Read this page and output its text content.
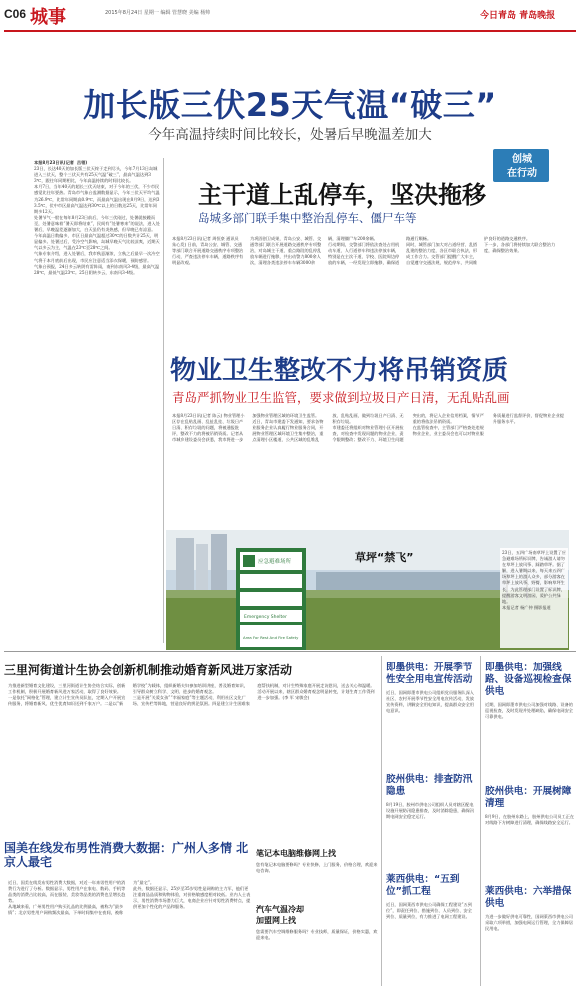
C06 城事	2015年8月24日 星期一 编辑 管慧晓 美编 杨帅	今日青岛 青岛晚报
加长版三伏25天气温“破三”
今年高温持续时间比较长，处暑后早晚温差加大
本报8月23日讯(记者  吕翎)
23日，长达40天的加长版三伏天终于走到尽头，今年7月13日岛城进入三伏天，整个三伏天共有25天气温“破三”，最高气温达到33℃，跟往年同期相比，今年高温持续的时间比较长。
本月7日，当年40天的超长三伏天结束，对于今年的三伏，不少市民感觉比往年要热。青岛市气象台监测数据显示，今年三伏天平均气温为26.9℃，比常年同期高0.9℃，而最高气温出现在8月9日，达到33.5℃，伏中市区最高气温达到30℃以上的日数达25天，比常年同期多12天。
处暑节气一般在每年8月23日前后，今年三伏刚过，处暑就接踵而至，处暑意味着“暑天即将结束”，民间有“处暑寒来”的说法，进入处暑后，早晚温差逐渐加大，白天虽仍有炎热感，但早晚已有凉意。
今年高温日数偏多，市区日最高气温超过30℃的日数共计25天，明显偏多。处暑过后，受冷空气影响，岛城早晚天气比较凉爽，近期天气以多云为主，气温在23℃至28℃之间。
气象专家介绍，进入处暑后，我市秋意渐浓，立秋之后最早一次冷空气将于本月底前后出现，市民应注意适当添衣保暖，预防感冒。
气象台预报，24日多云转阴有雷阵雨，南到东南风3-4级，最高气温28℃，最低气温23℃。25日阴转多云，东南风3-4级。
创城
在行动
主干道上乱停车，坚决拖移
岛城多部门联手集中整治乱停车、僵尸车等
本报8月23日讯(记者 周恒豪 通讯员 朱心发) 日前，青岛公安、城管、交通等部门联合开展道路交通秩序专项整治行动，严查违法停车车辆，道路秩序有明显改观。
为巩固创卫成果，青岛公安、城管、交通等部门联合开展道路交通秩序专项整治，对岛城主干道、重点路段的乱停乱放车辆进行拖移，共出动警力800余人次，清理各类违法停车车辆3000余辆，清理僵尸车200余辆。
行动期间，交警部门将依法查处占用机动车道、人行道停车和违法停放车辆，特别是在主次干道、学校、医院周边停放的车辆，一经发现立即拖移，确保道路通行顺畅。
同时，城管部门加大对占道经营、乱搭乱建的整治力度，各区市联合执法，形成工作合力。交管部门提醒广大车主，自觉遵守交通法规，规范停车，共同维护良好的道路交通秩序。
下一步，各部门将持续加大联合整治力度，确保整治效果。
物业卫生整改不力将吊销资质
青岛严抓物业卫生监管，要求做到垃圾日产日清，无乱贴乱画
本报8月23日讯(记者 陈云) 物业管理小区存在乱贴乱画、乱扯乱挂、垃圾日产日清、积存垃圾的问题，将被通报批评，整改不力的将被吊销资质。记者从市城乡建设委员会获悉，我市将进一步加强物业管理区域的环境卫生监管。
近日，青岛市建委下发通知，要求各物业服务企业认真履行物业服务合同，开展物业管理区域环境卫生集中整治，重点清理小区楼道、公共区域的乱堆乱放、乱贴乱画，做到垃圾日产日清、无积存垃圾。
市建委还将组织对物业管理小区开展检查，对检查中发现问题的物业企业，责令限期整改；整改不力、环境卫生问题突出的，将记入企业信用档案，情节严重的将依法吊销资质。
在监管检查中，主管部门严格查处违规物业企业，业主委员会也可以对物业服务质量进行监督评价，督促物业企业提升服务水平。
应急避难场所
Emergency Shelter
Area For Rest And Fire Safety
草坪“禁飞”	23日，五四广场南草坪上设置了应急避难场所标识牌，告诫游人请勿在草坪上放风筝、踩踏草坪。据了解，进入暑期以来，每天来五四广场草坪上的游人众多，部分游客在草坪上放风筝、野餐，影响草坪生长，为此管理部门设置了标识牌，提醒游客文明游园，爱护公共绿地。
本报记者 杨广仲 摄影报道
三里河街道计生协会创新机制推动婚育新风进万家活动
为推进新型婚育文化建设，三里河街道计生协会结合实际，创新工作机制，积极开展婚育新风进万家活动，取得了良好效果。
一是依托“网格化”管理，建立计生宣传员队伍，定期入户开展宣传服务，将婚育新风、优生优育知识送到千家万户。二是以“新婚学校”为载体，组织新婚夫妇参加培训讲座，普及婚育知识，引导群众树立科学、文明、进步的婚育观念。
三是开展“关爱女孩”“幸福家庭”等主题活动，利用社区文化广场、宣传栏等阵地，营造良好的舆论氛围。四是建立计生困难家庭帮扶机制，对计生特殊家庭开展走访慰问，送去关心和温暖。
活动开展以来，辖区群众婚育观念明显转变，计划生育工作得到进一步加强。(李 军 宋敏会)
国美在线发布男性消费大数据：广州人多情 北京人最宅
近日，国美在线发布男性消费大数据，对近一年来男性用户的消费行为进行了分析。数据显示，男性用户在家电、数码、手机等品类的消费占比较高，而在服装、美妆等品类的消费也呈增长趋势。
从地域来看，广州男性用户购买礼品的比例最高，被称为“最多情”；北京男性用户网购频次最高、下单时间集中在夜间，被称为“最宅”。
此外，数据还显示，25岁至35岁男性是网购的主力军，他们更注重商品品质和购物体验，对价格敏感度相对较低。业内人士表示，男性消费市场潜力巨大，电商企业应针对男性消费特点，提供更加个性化的产品和服务。
笔记本电脑维修网上找
您有笔记本电脑要修吗？专业快修，上门服务，价格合理，欢迎来电咨询。
汽车气温冷却
加盟网上找
您需要汽车空调维修服务吗？专业技师，质量保证，价格实惠，欢迎来电。
即墨供电：开展季节性安全用电宣传活动
近日，国网即墨市供电公司组织党员服务队深入社区、农村开展季节性安全用电宣传活动，发放宣传资料，讲解安全用电知识，提高群众安全用电意识。
胶州供电：排查防汛隐患
8月19日，胶州市供电公司组织人员对辖区配电设施开展防汛隐患排查，及时消除隐患，确保汛期电网安全稳定运行。
莱西供电：“五到位”抓工程
近日，国网莱西市供电公司确保工程建设“五到位”，即责任到位、措施到位、人员到位、安全到位、质量到位，有力推进了电网工程建设。
即墨供电：加强线路、设备巡视检查保供电
近期，国网即墨市供电公司加强对线路、设备的巡视检查，及时发现并处理缺陷，确保电网安全可靠供电。
胶州供电：开展树障清理
8月9日，在胶州东路上，胶州供电公司员工正在对线路下方树障进行清理，确保线路安全运行。
莱西供电：六举措保供电
为进一步做好供电可靠性，国网莱西市供电公司采取六项举措，加强电网运行管理，全力保障居民用电。
